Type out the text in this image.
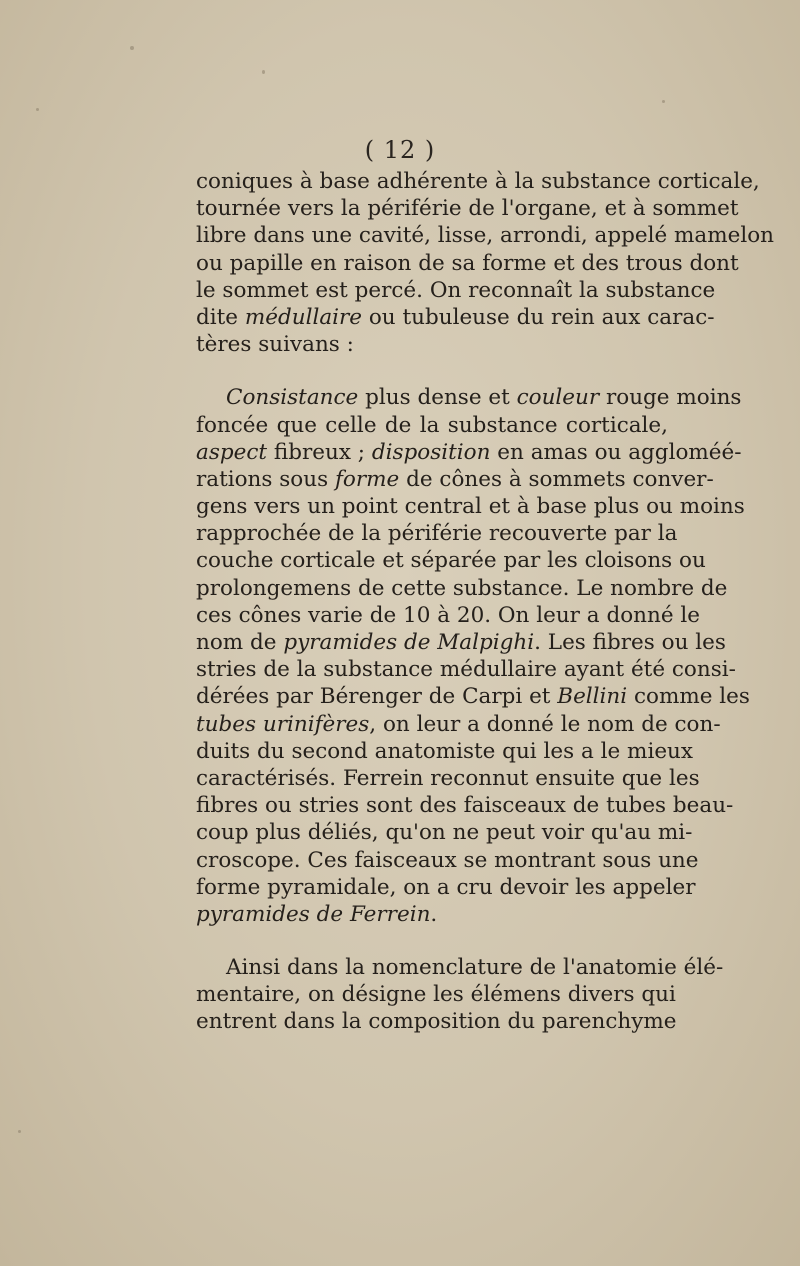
( 12 )
coniques à base adhérente à la substance corticale,
tournée vers la périférie de l'organe, et à sommet
libre dans une cavité, lisse, arrondi, appelé mamelon
ou papille en raison de sa forme et des trous dont
le sommet est percé. On reconnaît la substance
dite médullaire ou tubuleuse du rein aux carac-
tères suivans :
Consistance plus dense et couleur rouge moins
foncée que celle de la substance corticale,
aspect fibreux ; disposition en amas ou aggloméé-
rations sous forme de cônes à sommets conver-
gens vers un point central et à base plus ou moins
rapprochée de la périférie recouverte par la
couche corticale et séparée par les cloisons ou
prolongemens de cette substance. Le nombre de
ces cônes varie de 10 à 20. On leur a donné le
nom de pyramides de Malpighi. Les fibres ou les
stries de la substance médullaire ayant été consi-
dérées par Bérenger de Carpi et Bellini comme les
tubes urinifères, on leur a donné le nom de con-
duits du second anatomiste qui les a le mieux
caractérisés. Ferrein reconnut ensuite que les
fibres ou stries sont des faisceaux de tubes beau-
coup plus déliés, qu'on ne peut voir qu'au mi-
croscope. Ces faisceaux se montrant sous une
forme pyramidale, on a cru devoir les appeler
pyramides de Ferrein.
Ainsi dans la nomenclature de l'anatomie élé-
mentaire, on désigne les élémens divers qui
entrent dans la composition du parenchyme
